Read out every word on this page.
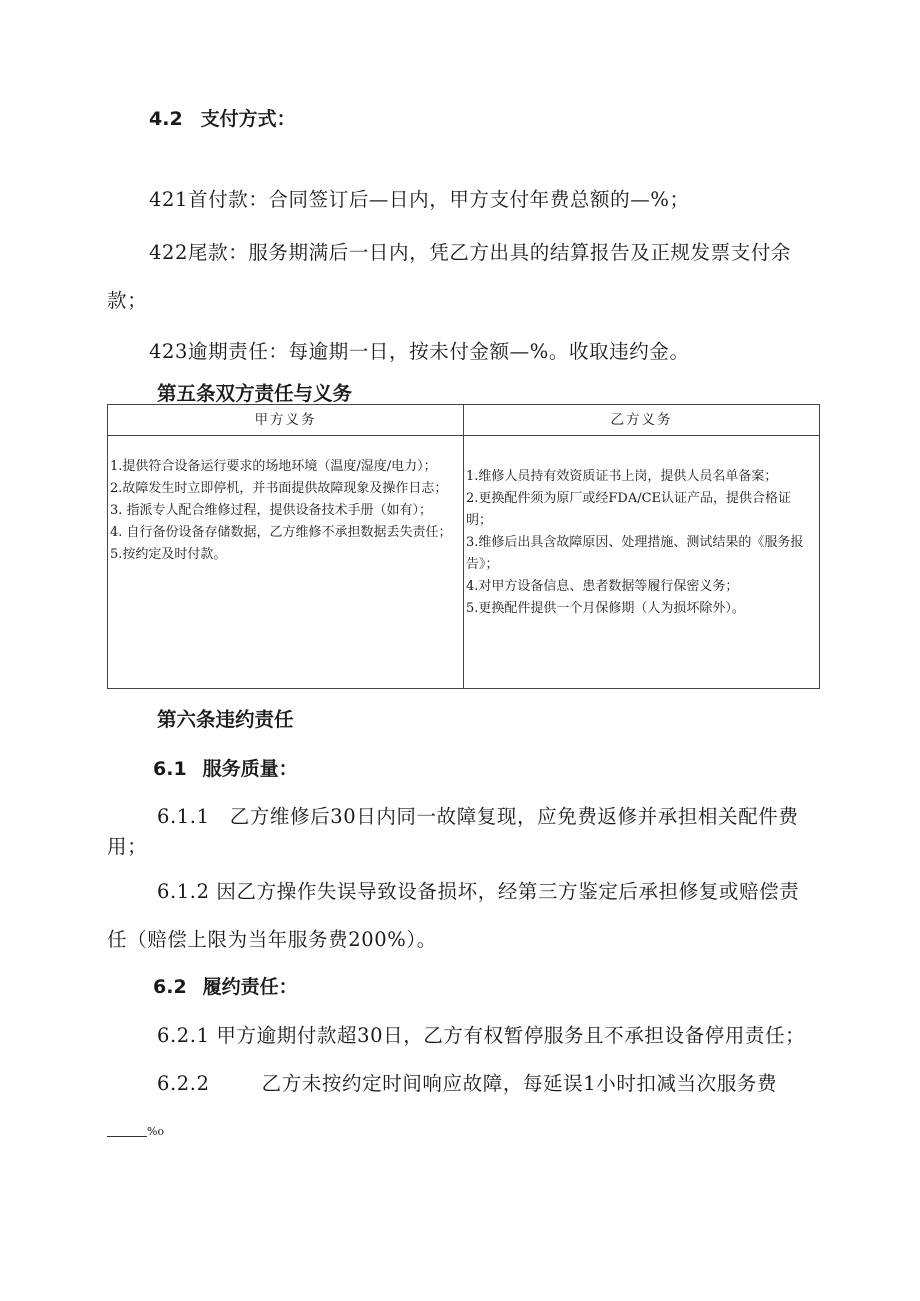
4.2 支付方式：
421首付款：合同签订后—日内，甲方支付年费总额的—%；
422尾款：服务期满后一日内，凭乙方出具的结算报告及正规发票支付余
款；
423逾期责任：每逾期一日，按未付金额—%。收取违约金。
第五条双方责任与义务
甲方义务

1.提供符合设备运行要求的场地环境（温度/湿度/电力）；

2.故障发生时立即停机，并书面提供故障现象及操作日志；

3. 指派专人配合维修过程，提供设备技术手册（如有）；

4. 自行备份设备存储数据，乙方维修不承担数据丢失责任；

5.按约定及时付款。

乙方义务

1.维修人员持有效资质证书上岗，提供人员名单备案；

2.更换配件须为原厂或经FDA/CE认证产品，提供合格证明；

3.维修后出具含故障原因、处理措施、测试结果的《服务报告》；

4.对甲方设备信息、患者数据等履行保密义务；

5.更换配件提供一个月保修期（人为损坏除外）。

第六条违约责任
6.1 服务质量：
6.1.1　乙方维修后30日内同一故障复现，应免费返修并承担相关配件费
用；
6.1.2 因乙方操作失误导致设备损坏，经第三方鉴定后承担修复或赔偿责
任（赔偿上限为当年服务费200%）。
6.2 履约责任：
6.2.1 甲方逾期付款超30日，乙方有权暂停服务且不承担设备停用责任；
6.2.2	乙方未按约定时间响应故障，每延误1小时扣减当次服务费
%o
